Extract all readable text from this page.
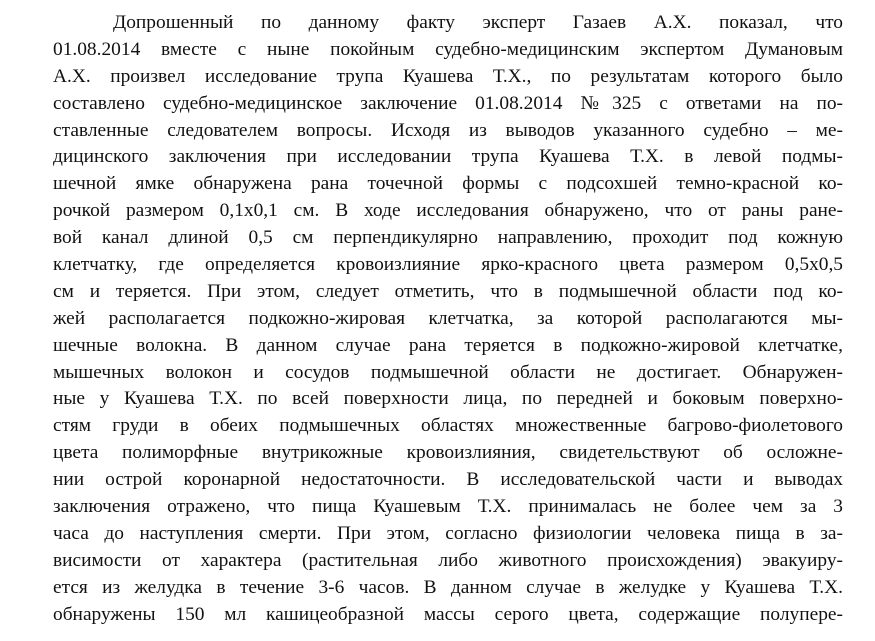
Допрошенный по данному факту эксперт Газаев А.Х. показал, что
01.08.2014 вместе с ныне покойным судебно-медицинским экспертом Думановым
А.Х. произвел исследование трупа Куашева Т.Х., по результатам которого было
составлено судебно-медицинское заключение 01.08.2014 №325 с ответами на по-
ставленные следователем вопросы. Исходя из выводов указанного судебно – ме-
дицинского заключения при исследовании трупа Куашева Т.Х. в левой подмы-
шечной ямке обнаружена рана точечной формы с подсохшей темно-красной ко-
рочкой размером 0,1х0,1 см. В ходе исследования обнаружено, что от раны ране-
вой канал длиной 0,5 см перпендикулярно направлению, проходит под кожную
клетчатку, где определяется кровоизлияние ярко-красного цвета размером 0,5х0,5
см и теряется. При этом, следует отметить, что в подмышечной области под ко-
жей располагается подкожно-жировая клетчатка, за которой располагаются мы-
шечные волокна. В данном случае рана теряется в подкожно-жировой клетчатке,
мышечных волокон и сосудов подмышечной области не достигает. Обнаружен-
ные у Куашева Т.Х. по всей поверхности лица, по передней и боковым поверхно-
стям груди в обеих подмышечных областях множественные багрово-фиолетового
цвета полиморфные внутрикожные кровоизлияния, свидетельствуют об осложне-
нии острой коронарной недостаточности. В исследовательской части и выводах
заключения отражено, что пища Куашевым Т.Х. принималась не более чем за 3
часа до наступления смерти. При этом, согласно физиологии человека пища в за-
висимости от характера (растительная либо животного происхождения) эвакуиру-
ется из желудка в течение 3-6 часов. В данном случае в желудке у Куашева Т.Х.
обнаружены 150 мл кашицеобразной массы серого цвета, содержащие полупере-
